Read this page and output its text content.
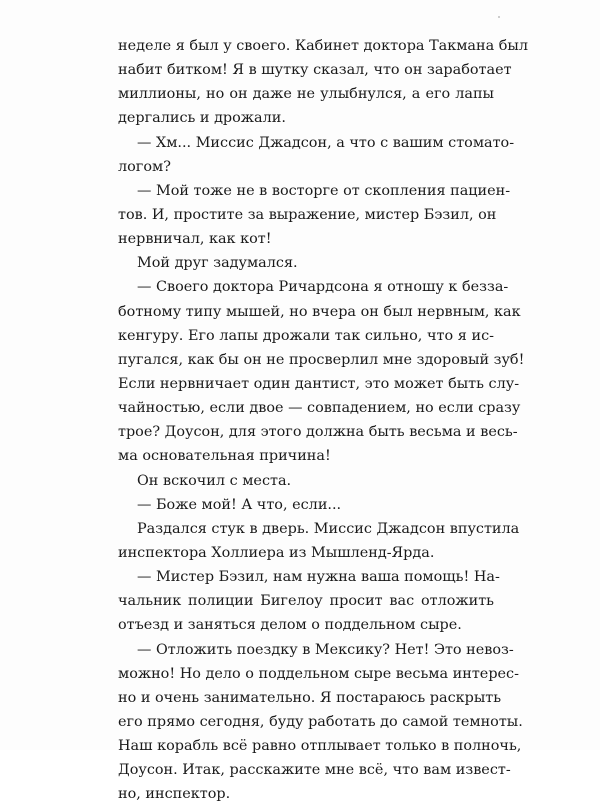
неделе я был у своего. Кабинет доктора Такмана был
набит битком! Я в шутку сказал, что он заработает
миллионы, но он даже не улыбнулся, а его лапы
дергались и дрожали.
— Хм... Миссис Джадсон, а что с вашим стомато-
логом?
— Мой тоже не в восторге от скопления пациен-
тов. И, простите за выражение, мистер Бэзил, он
нервничал, как кот!
Мой друг задумался.
— Своего доктора Ричардсона я отношу к безза-
ботному типу мышей, но вчера он был нервным, как
кенгуру. Его лапы дрожали так сильно, что я ис-
пугался, как бы он не просверлил мне здоровый зуб!
Если нервничает один дантист, это может быть слу-
чайностью, если двое — совпадением, но если сразу
трое? Доусон, для этого должна быть весьма и весь-
ма основательная причина!
Он вскочил с места.
— Боже мой! А что, если...
Раздался стук в дверь. Миссис Джадсон впустила
инспектора Холлиера из Мышленд-Ярда.
— Мистер Бэзил, нам нужна ваша помощь! На-
чальник полиции Бигелоу просит вас отложить
отъезд и заняться делом о поддельном сыре.
— Отложить поездку в Мексику? Нет! Это невоз-
можно! Но дело о поддельном сыре весьма интерес-
но и очень занимательно. Я постараюсь раскрыть
его прямо сегодня, буду работать до самой темноты.
Наш корабль всё равно отплывает только в полночь,
Доусон. Итак, расскажите мне всё, что вам извест-
но, инспектор.
